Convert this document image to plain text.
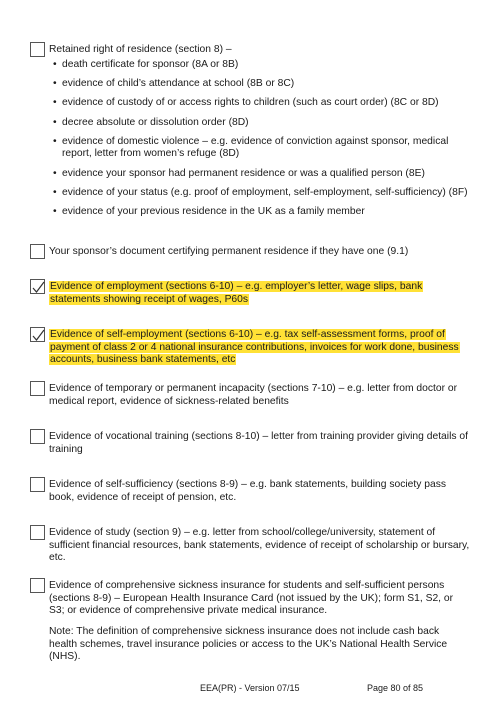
Retained right of residence (section 8) –
• death certificate for sponsor (8A or 8B)
• evidence of child’s attendance at school (8B or 8C)
• evidence of custody of or access rights to children (such as court order) (8C or 8D)
• decree absolute or dissolution order (8D)
• evidence of domestic violence – e.g. evidence of conviction against sponsor, medical report, letter from women’s refuge (8D)
• evidence your sponsor had permanent residence or was a qualified person (8E)
• evidence of your status (e.g. proof of employment, self-employment, self-sufficiency) (8F)
• evidence of your previous residence in the UK as a family member
Your sponsor’s document certifying permanent residence if they have one (9.1)
Evidence of employment (sections 6-10) – e.g. employer’s letter, wage slips, bank statements showing receipt of wages, P60s
Evidence of self-employment (sections 6-10) – e.g. tax self-assessment forms, proof of payment of class 2 or 4 national insurance contributions, invoices for work done, business accounts, business bank statements, etc
Evidence of temporary or permanent incapacity (sections 7-10) – e.g. letter from doctor or medical report, evidence of sickness-related benefits
Evidence of vocational training (sections 8-10) – letter from training provider giving details of training
Evidence of self-sufficiency (sections 8-9) – e.g. bank statements, building society pass book, evidence of receipt of pension, etc.
Evidence of study (section 9) – e.g. letter from school/college/university, statement of sufficient financial resources, bank statements, evidence of receipt of scholarship or bursary, etc.
Evidence of comprehensive sickness insurance for students and self-sufficient persons (sections 8-9) – European Health Insurance Card (not issued by the UK); form S1, S2, or S3; or evidence of comprehensive private medical insurance.
Note: The definition of comprehensive sickness insurance does not include cash back health schemes, travel insurance policies or access to the UK’s National Health Service (NHS).
EEA(PR) - Version 07/15	Page 80 of 85
